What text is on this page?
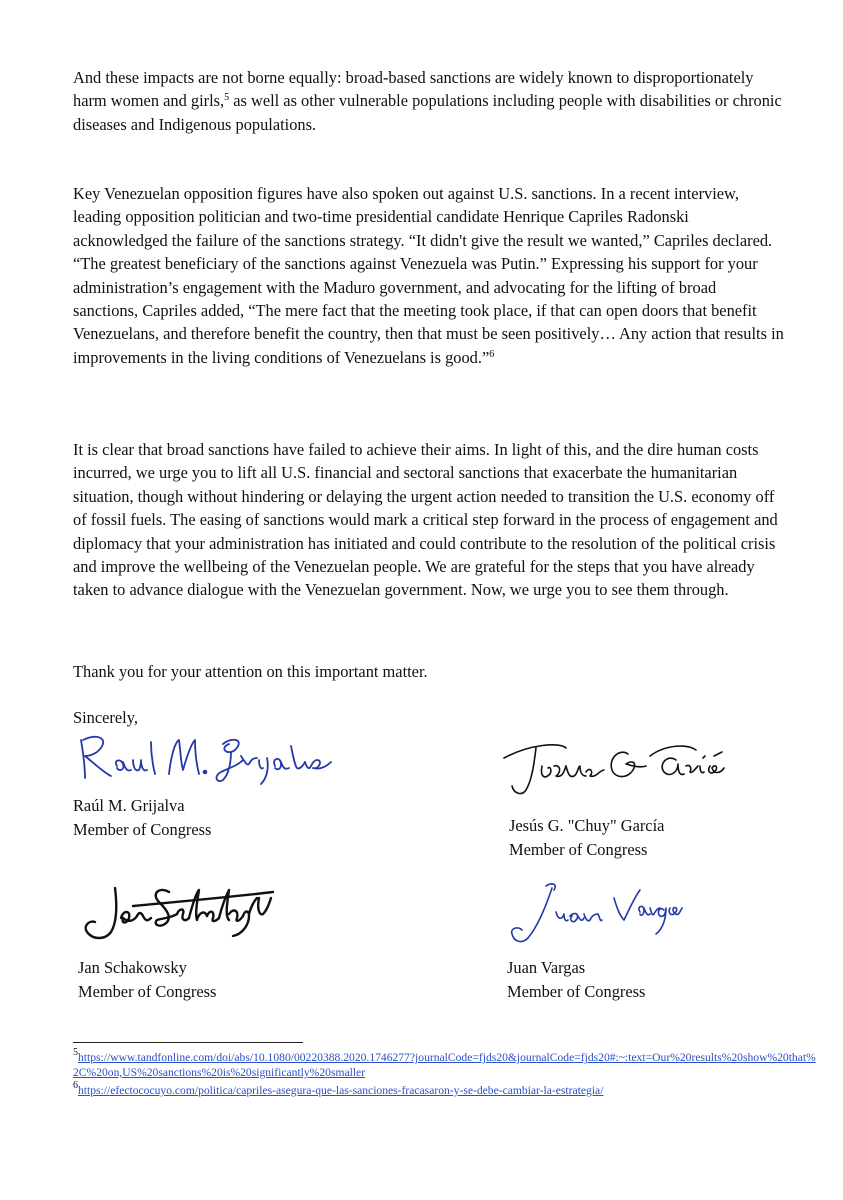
And these impacts are not borne equally: broad-based sanctions are widely known to disproportionately harm women and girls,$^5$ as well as other vulnerable populations including people with disabilities or chronic diseases and Indigenous populations.

Key Venezuelan opposition figures have also spoken out against U.S. sanctions. In a recent interview, leading opposition politician and two-time presidential candidate Henrique Capriles Radonski acknowledged the failure of the sanctions strategy. “It didn't give the result we wanted,” Capriles declared. “The greatest beneficiary of the sanctions against Venezuela was Putin.” Expressing his support for your administration’s engagement with the Maduro government, and advocating for the lifting of broad sanctions, Capriles added, “The mere fact that the meeting took place, if that can open doors that benefit Venezuelans, and therefore benefit the country, then that must be seen positively… Any action that results in improvements in the living conditions of Venezuelans is good.”$^6$

It is clear that broad sanctions have failed to achieve their aims. In light of this, and the dire human costs incurred, we urge you to lift all U.S. financial and sectoral sanctions that exacerbate the humanitarian situation, though without hindering or delaying the urgent action needed to transition the U.S. economy off of fossil fuels. The easing of sanctions would mark a critical step forward in the process of engagement and diplomacy that your administration has initiated and could contribute to the resolution of the political crisis and improve the wellbeing of the Venezuelan people. We are grateful for the steps that you have already taken to advance dialogue with the Venezuelan government. Now, we urge you to see them through.

Thank you for your attention on this important matter.

Sincerely,

Raúl M. Grijalva
Member of Congress	Jesús G. "Chuy" García
Member of Congress
Jan Schakowsky
Member of Congress
Juan Vargas
Member of Congress
$^5$https://www.tandfonline.com/doi/abs/10.1080/00220388.2020.1746277?journalCode=fjds20&journalCode=fjds20#:~:text=Our%20results%20show%20that%2C%20on,US%20sanctions%20is%20significantly%20smaller
$^6$https://efectococuyo.com/politica/capriles-asegura-que-las-sanciones-fracasaron-y-se-debe-cambiar-la-estrategia/
